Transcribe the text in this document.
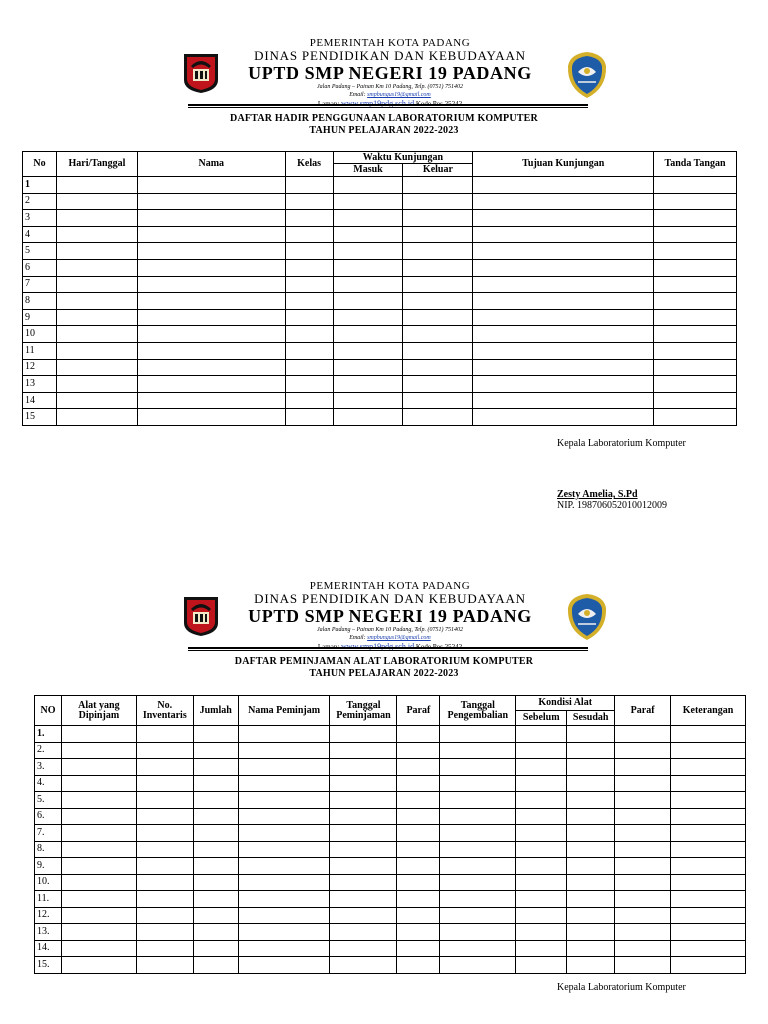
PEMERINTAH KOTA PADANG
DINAS PENDIDIKAN DAN KEBUDAYAAN
UPTD SMP NEGERI 19 PADANG
Jalan Padang – Painan Km 10 Padang, Telp. (0751) 751402
Email: smpbungus19@gmail.com
DAFTAR HADIR PENGGUNAAN LABORATORIUM KOMPUTER
TAHUN PELAJARAN 2022-2023
No	Hari/Tanggal	Nama	Kelas	Waktu Kunjungan		Tujuan Kunjungan	Tanda Tangan
				Masuk	Keluar		
1							
2							
3							
4							
5							
6							
7							
8							
9							
10							
11							
12							
13							
14							
15							
Kepala Laboratorium Komputer
Zesty Amelia, S.Pd
NIP. 198706052010012009
PEMERINTAH KOTA PADANG
DINAS PENDIDIKAN DAN KEBUDAYAAN
UPTD SMP NEGERI 19 PADANG
Jalan Padang – Painan Km 10 Padang, Telp. (0751) 751402
Email: smpbungus19@gmail.com
DAFTAR PEMINJAMAN ALAT LABORATORIUM KOMPUTER
TAHUN PELAJARAN 2022-2023
NO	Alat yang Dipinjam	No. Inventaris	Jumlah	Nama Peminjam	Tanggal Peminjaman	Paraf	Tanggal Pengembalian	Kondisi Alat		Paraf	Keterangan
								Sebelum	Sesudah		
1.											
2.											
3.											
4.											
5.											
6.											
7.											
8.											
9.											
10.											
11.											
12.											
13.											
14.											
15.											
Kepala Laboratorium Komputer
